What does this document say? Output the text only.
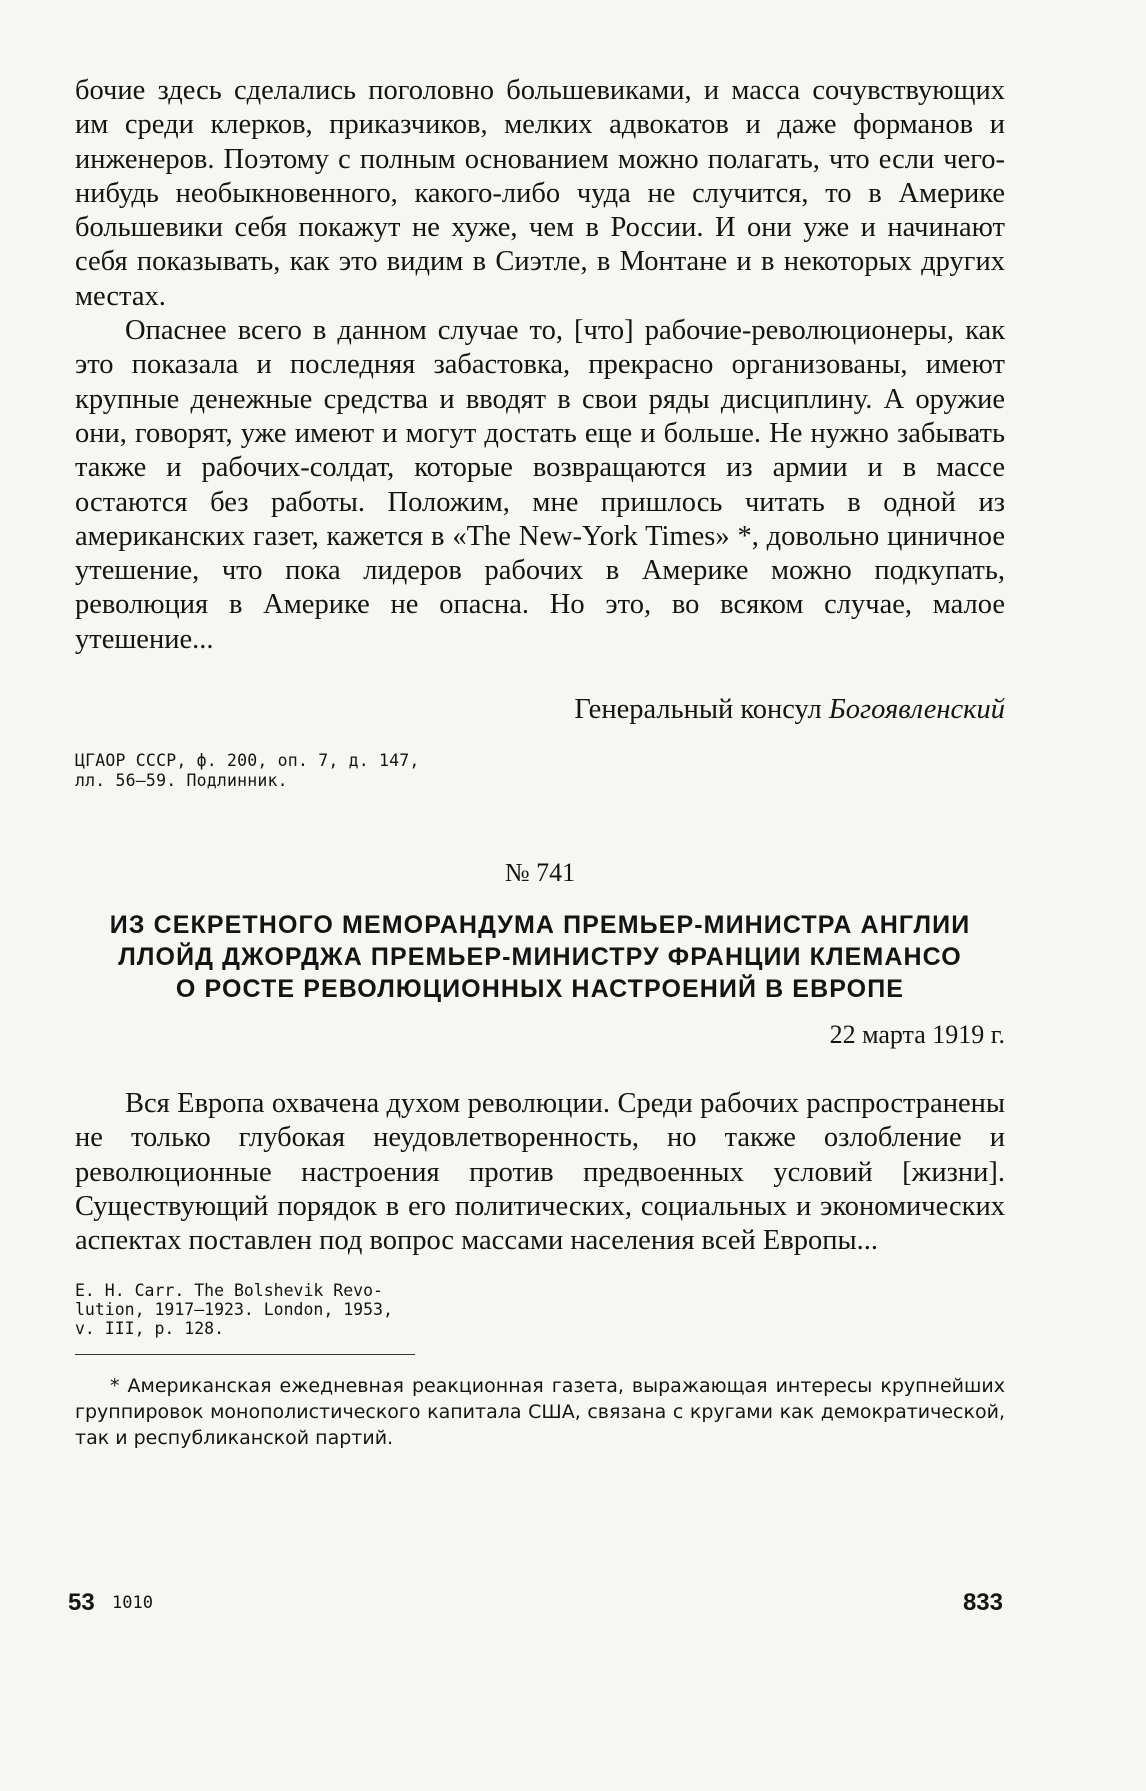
бочие здесь сделались поголовно большевиками, и масса сочувствующих им среди клерков, приказчиков, мелких адвокатов и даже форманов и инженеров. Поэтому с полным основанием можно полагать, что если чего-нибудь необыкновенного, какого-либо чуда не случится, то в Америке большевики себя покажут не хуже, чем в России. И они уже и начинают себя показывать, как это видим в Сиэтле, в Монтане и в некоторых других местах.

Опаснее всего в данном случае то, [что] рабочие-революционеры, как это показала и последняя забастовка, прекрасно организованы, имеют крупные денежные средства и вводят в свои ряды дисциплину. А оружие они, говорят, уже имеют и могут достать еще и больше. Не нужно забывать также и рабочих-солдат, которые возвращаются из армии и в массе остаются без работы. Положим, мне пришлось читать в одной из американских газет, кажется в «The New-York Times» *, довольно циничное утешение, что пока лидеров рабочих в Америке можно подкупать, революция в Америке не опасна. Но это, во всяком случае, малое утешение...

Генеральный консул Богоявленский

ЦГАОР СССР, ф. 200, оп. 7, д. 147,
лл. 56—59. Подлинник.

№ 741

ИЗ СЕКРЕТНОГО МЕМОРАНДУМА ПРЕМЬЕР-МИНИСТРА АНГЛИИ
ЛЛОЙД ДЖОРДЖА ПРЕМЬЕР-МИНИСТРУ ФРАНЦИИ КЛЕМАНСО
О РОСТЕ РЕВОЛЮЦИОННЫХ НАСТРОЕНИЙ В ЕВРОПЕ

22 марта 1919 г.

Вся Европа охвачена духом революции. Среди рабочих распространены не только глубокая неудовлетворенность, но также озлобление и революционные настроения против предвоенных условий [жизни]. Существующий порядок в его политических, социальных и экономических аспектах поставлен под вопрос массами населения всей Европы...

E. H. Carr. The Bolshevik Revo-
lution, 1917—1923. London, 1953,
v. III, p. 128.

* Американская ежедневная реакционная газета, выражающая интересы крупнейших группировок монополистического капитала США, связана с кругами как демократической, так и республиканской партий.

53 1010	833
